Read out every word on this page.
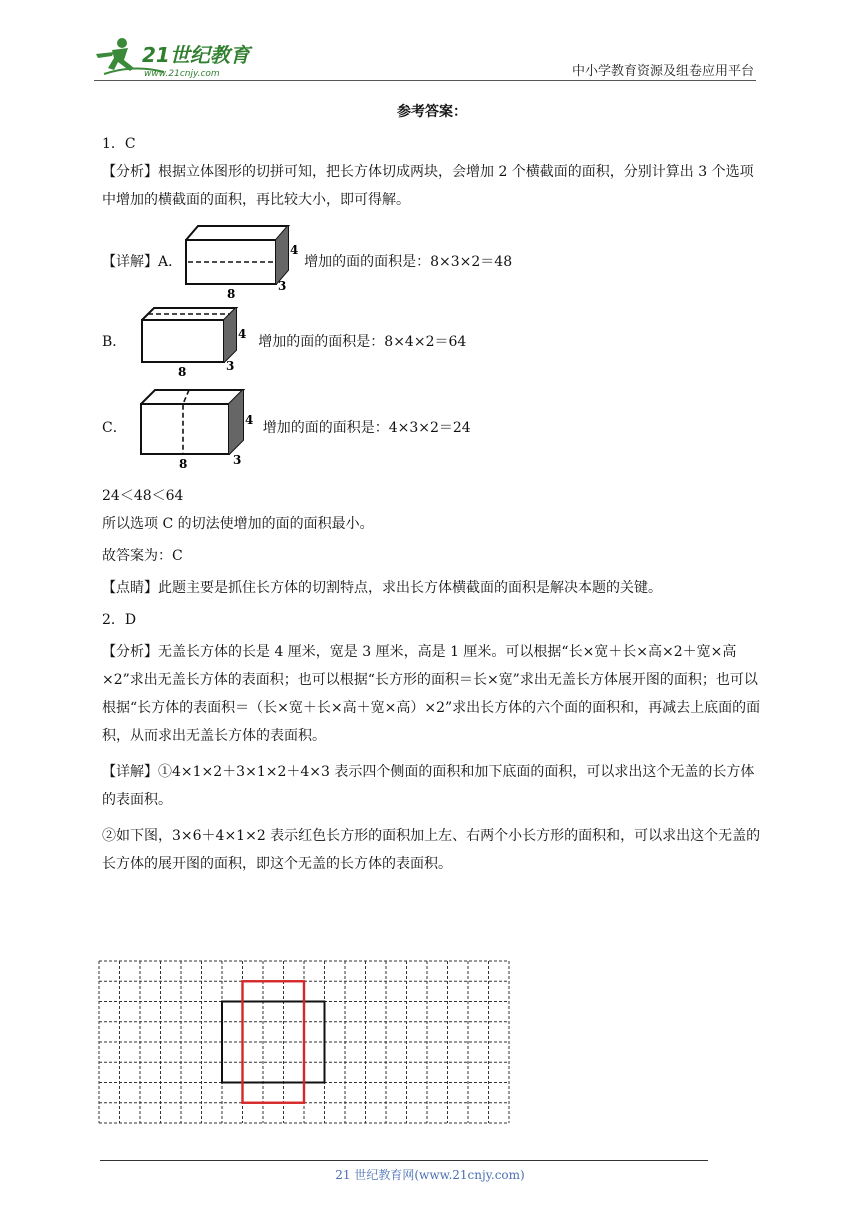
21世纪教育
www.21cnjy.com	中小学教育资源及组卷应用平台

参考答案：

1．C

【分析】根据立体图形的切拼可知，把长方体切成两块，会增加 2 个横截面的面积，分别计算出 3 个选项中增加的横截面的面积，再比较大小，即可得解。

【详解】A．
8
3
4
增加的面的面积是：8×3×2＝48
B．
8	3
4 增加的面的面积是：8×4×2＝64
C．
8	3
4 增加的面的面积是：4×3×2＝24

24＜48＜64

所以选项 C 的切法使增加的面的面积最小。

故答案为：C

【点睛】此题主要是抓住长方体的切割特点，求出长方体横截面的面积是解决本题的关键。

2．D

【分析】无盖长方体的长是 4 厘米，宽是 3 厘米，高是 1 厘米。可以根据“长×宽＋长×高×2＋宽×高×2”求出无盖长方体的表面积；也可以根据“长方形的面积＝长×宽”求出无盖长方体展开图的面积；也可以根据“长方体的表面积＝（长×宽＋长×高＋宽×高）×2”求出长方体的六个面的面积和，再减去上底面的面积，从而求出无盖长方体的表面积。

【详解】①4×1×2＋3×1×2＋4×3 表示四个侧面的面积和加下底面的面积，可以求出这个无盖的长方体的表面积。

②如下图，3×6＋4×1×2 表示红色长方形的面积加上左、右两个小长方形的面积和，可以求出这个无盖的长方体的展开图的面积，即这个无盖的长方体的表面积。

21 世纪教育网(www.21cnjy.com)
